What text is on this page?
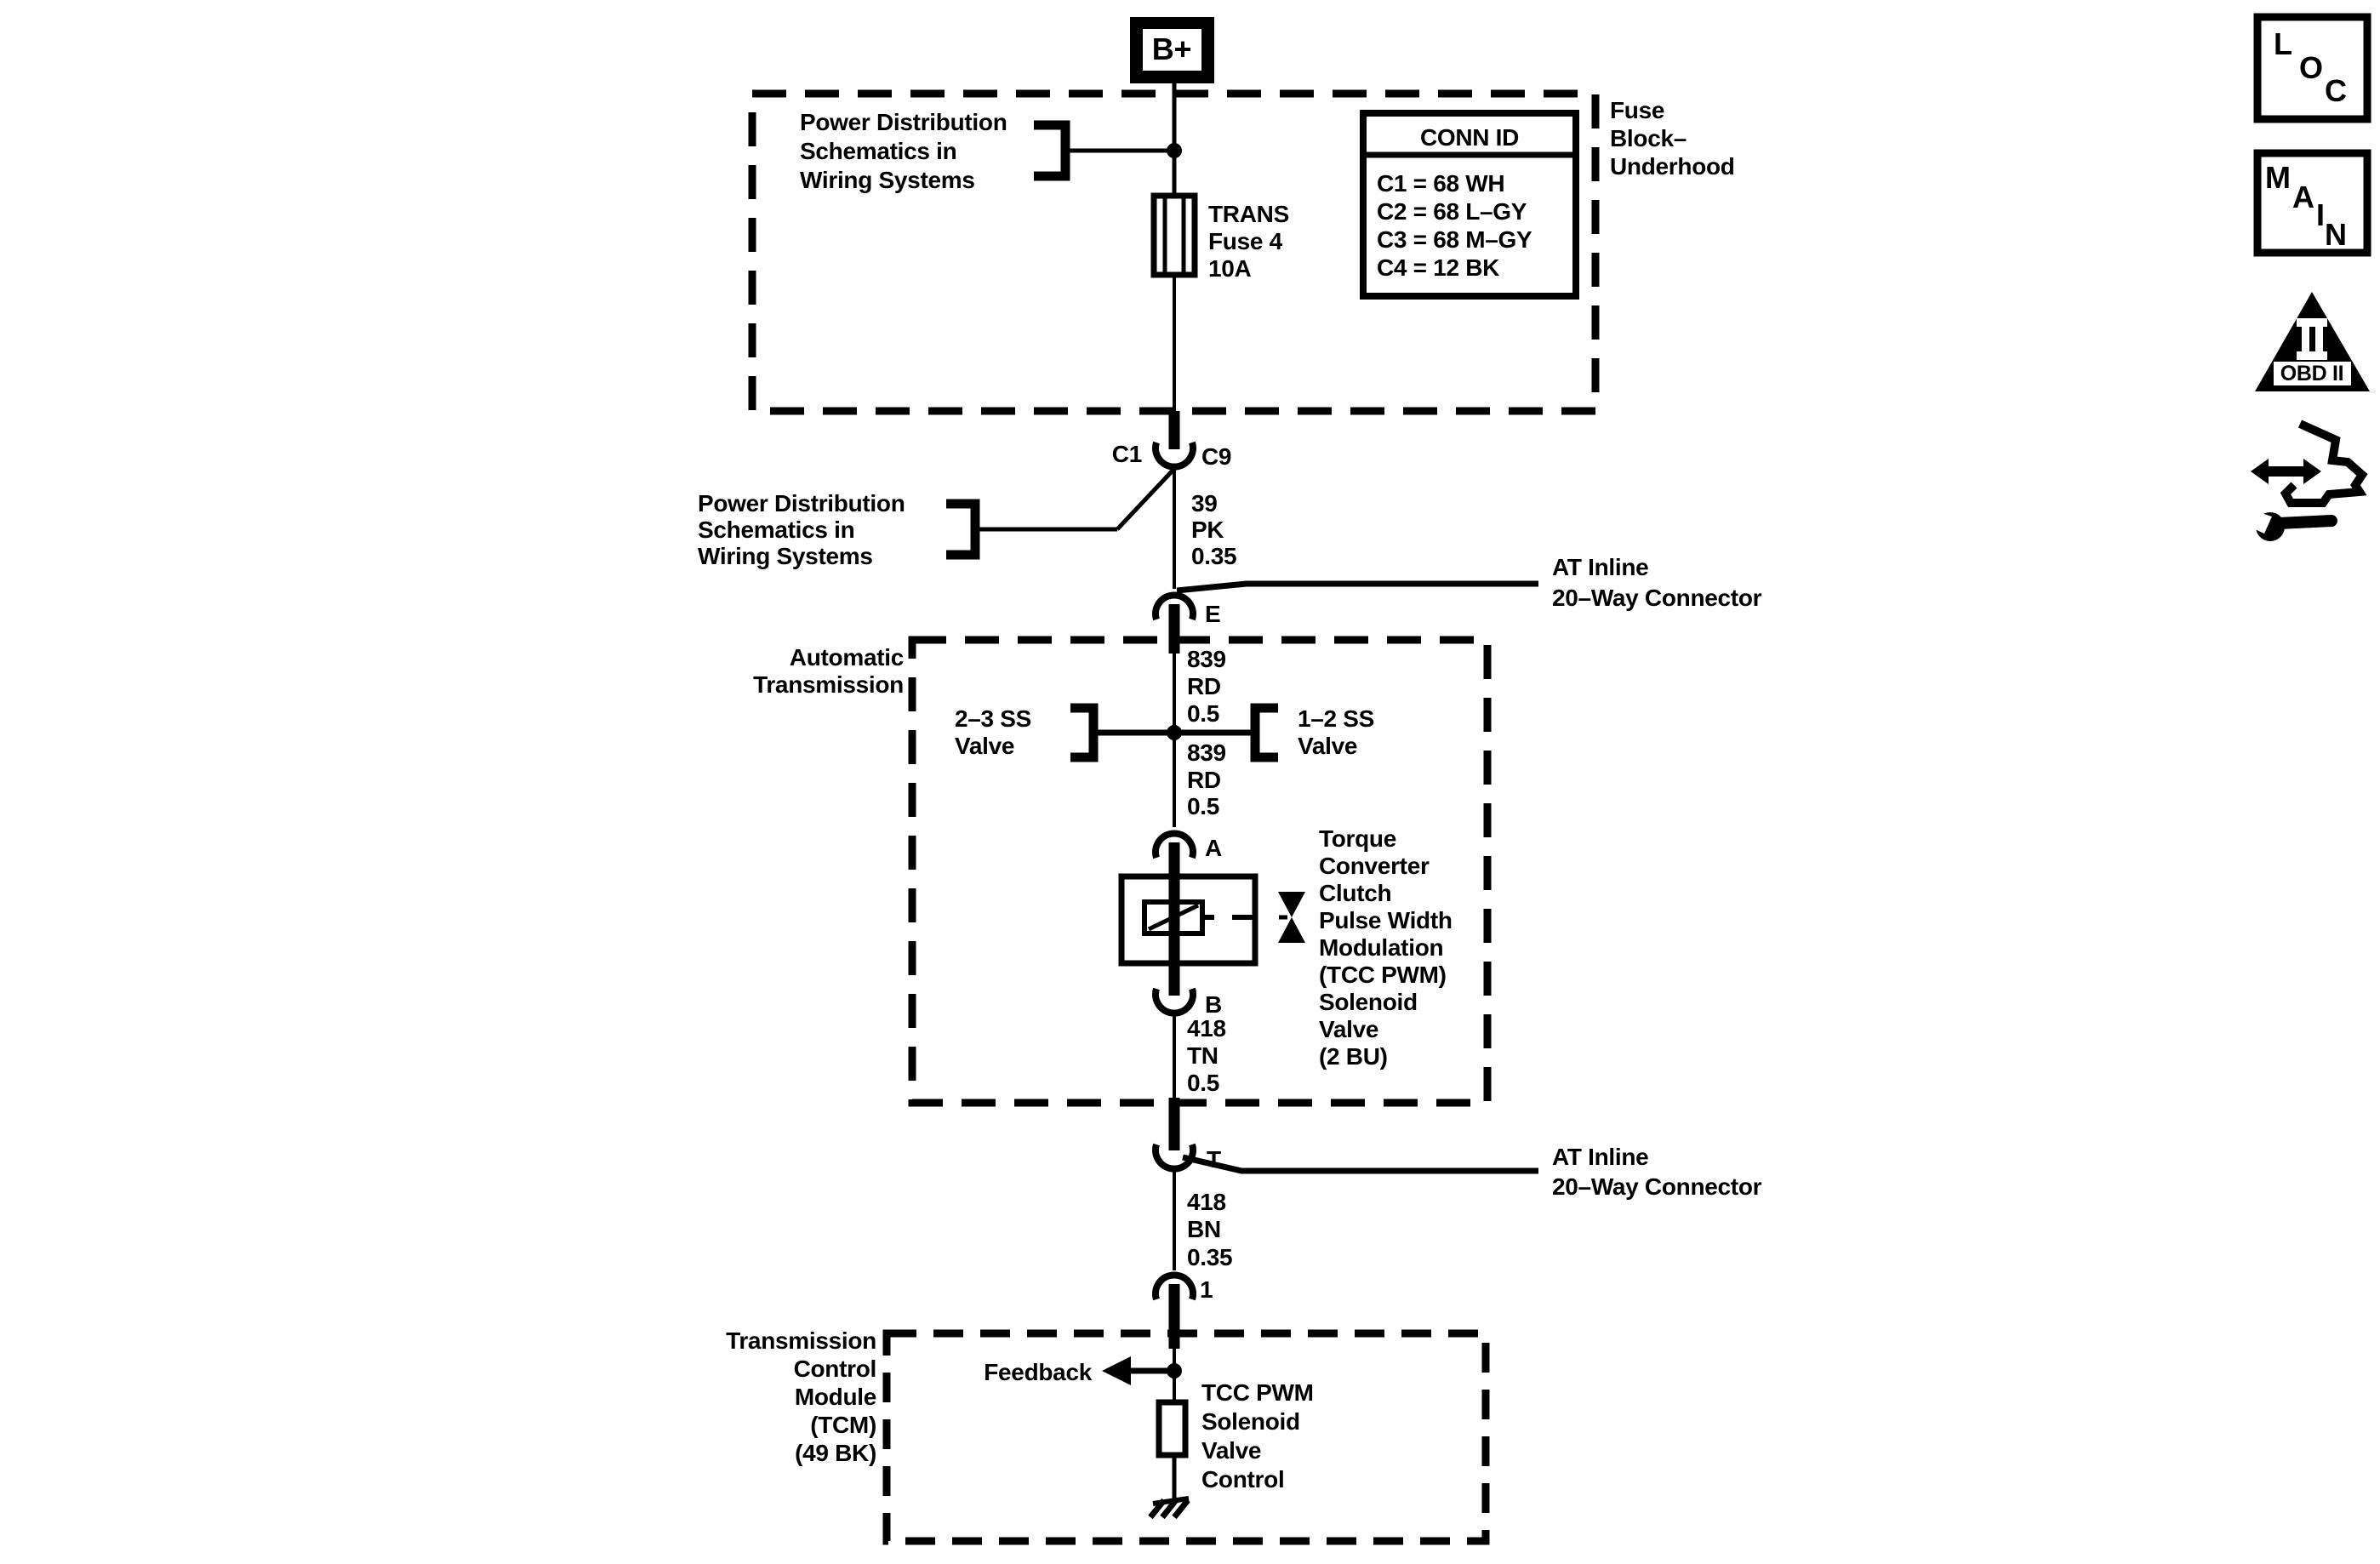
B+
Fuse
Block–
Underhood
Power Distribution
Schematics in
Wiring Systems
TRANS
Fuse 4
10A
CONN ID
C1 = 68 WH
C2 = 68 L–GY
C3 = 68 M–GY
C4 = 12 BK
C1	C9
Power Distribution
Schematics in
Wiring Systems
39
PK
0.35	AT Inline
20–Way Connector
E
Automatic
Transmission
839
RD
0.5
2–3 SS
Valve
1–2 SS
Valve
839
RD
0.5
A	Torque
Converter
Clutch
Pulse Width
Modulation
(TCC PWM)
Solenoid
Valve
(2 BU)
B
418
TN
0.5
T	AT Inline
20–Way Connector
418
BN
0.35
1
Transmission
Control
Module
(TCM)
(49 BK)
Feedback
TCC PWM
Solenoid
Valve
Control
L
O
C
M
A
I
N
OBD II
